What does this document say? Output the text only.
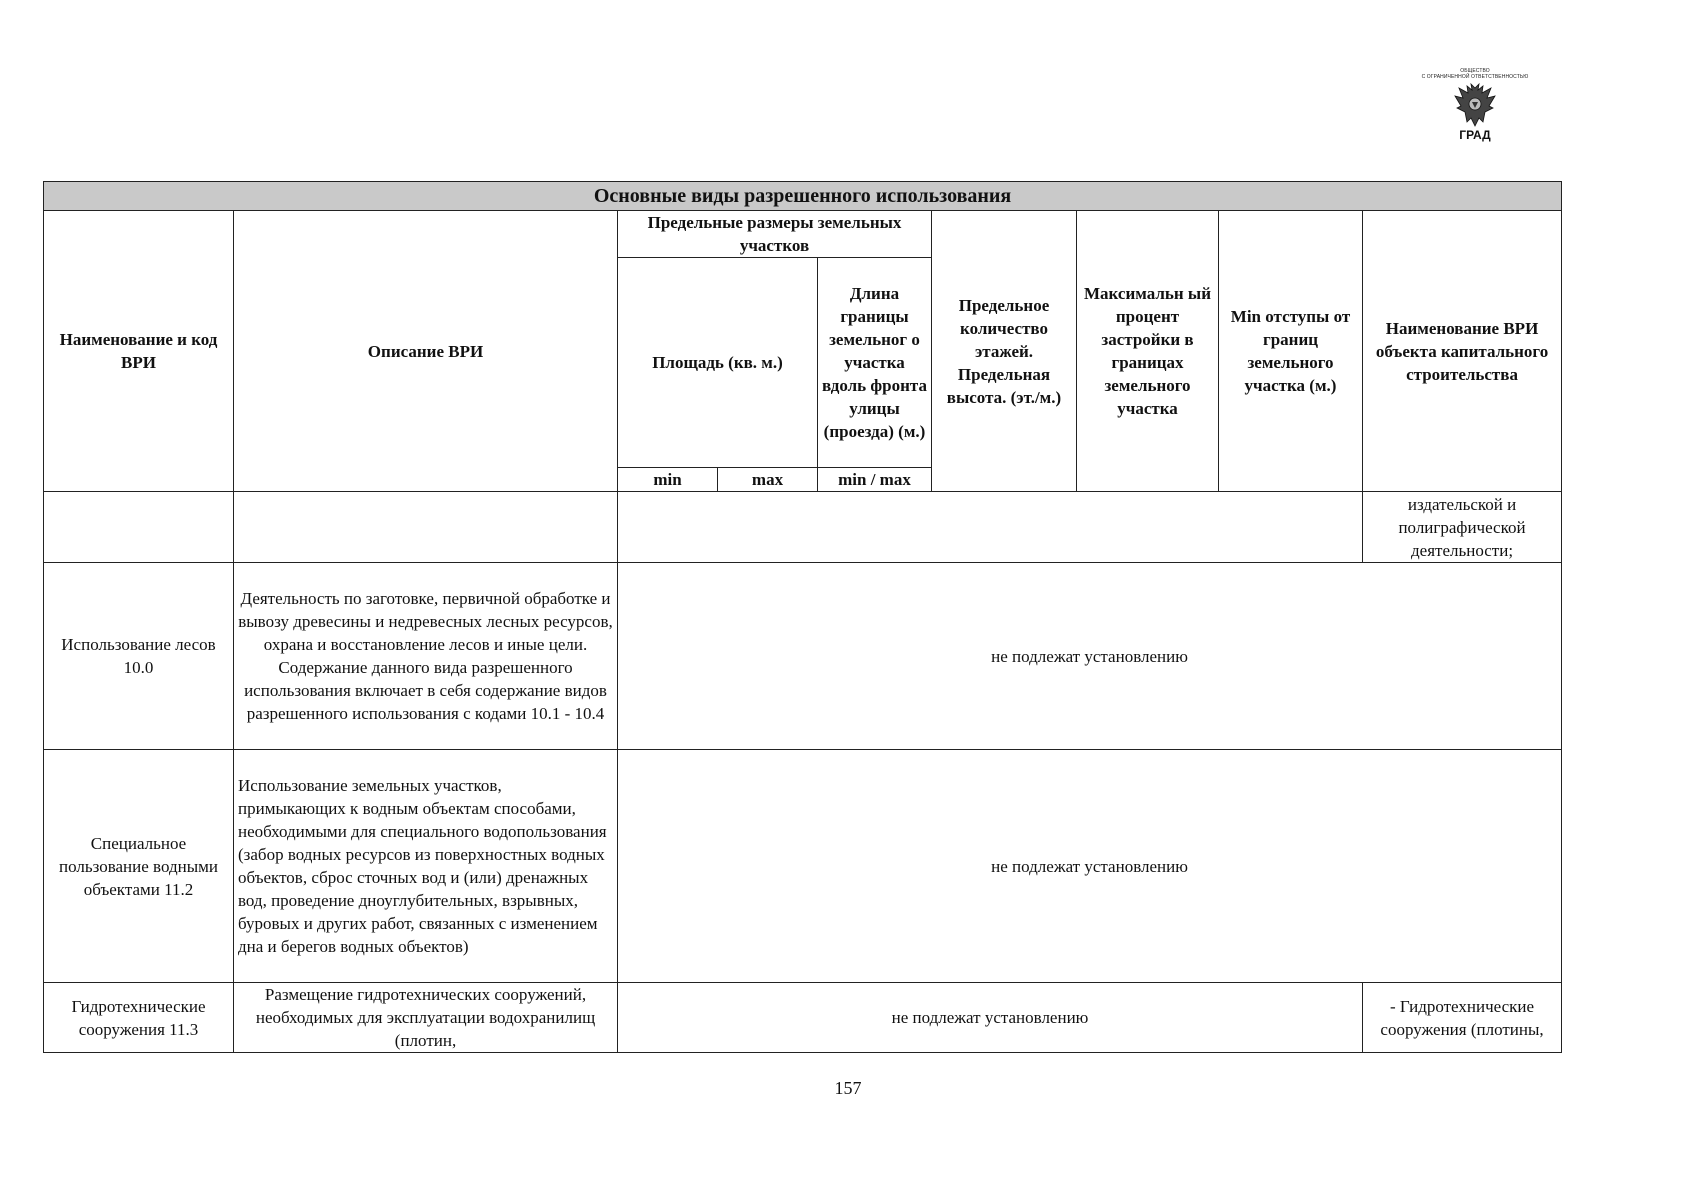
ОБЩЕСТВО
С ОГРАНИЧЕННОЙ ОТВЕТСТВЕННОСТЬЮ
ГРАД
Основные виды разрешенного использования								
Наименование и код ВРИ	Описание ВРИ	Предельные размеры земельных участков			Предельное количество этажей. Предельная высота. (эт./м.)	Максимальн ый процент застройки в границах земельного участка	Min отступы от границ земельного участка (м.)	Наименование ВРИ объекта капитального строительства
		Площадь (кв. м.)		Длина границы земельног о участка вдоль фронта улицы (проезда) (м.)				
		min	max	min / max				
								издательской и полиграфической деятельности;
Использование лесов 10.0	Деятельность по заготовке, первичной обработке и вывозу древесины и недревесных лесных ресурсов, охрана и восстановление лесов и иные цели. Содержание данного вида разрешенного использования включает в себя содержание видов разрешенного использования с кодами 10.1 - 10.4	не подлежат установлению						
Специальное пользование водными объектами 11.2	Использование земельных участков, примыкающих к водным объектам способами, необходимыми для специального водопользования (забор водных ресурсов из поверхностных водных объектов, сброс сточных вод и (или) дренажных вод, проведение дноуглубительных, взрывных, буровых и других работ, связанных с изменением дна и берегов водных объектов)	не подлежат установлению						
Гидротехнические сооружения 11.3	Размещение гидротехнических сооружений, необходимых для эксплуатации водохранилищ (плотин,	не подлежат установлению						- Гидротехнические сооружения (плотины,
157
